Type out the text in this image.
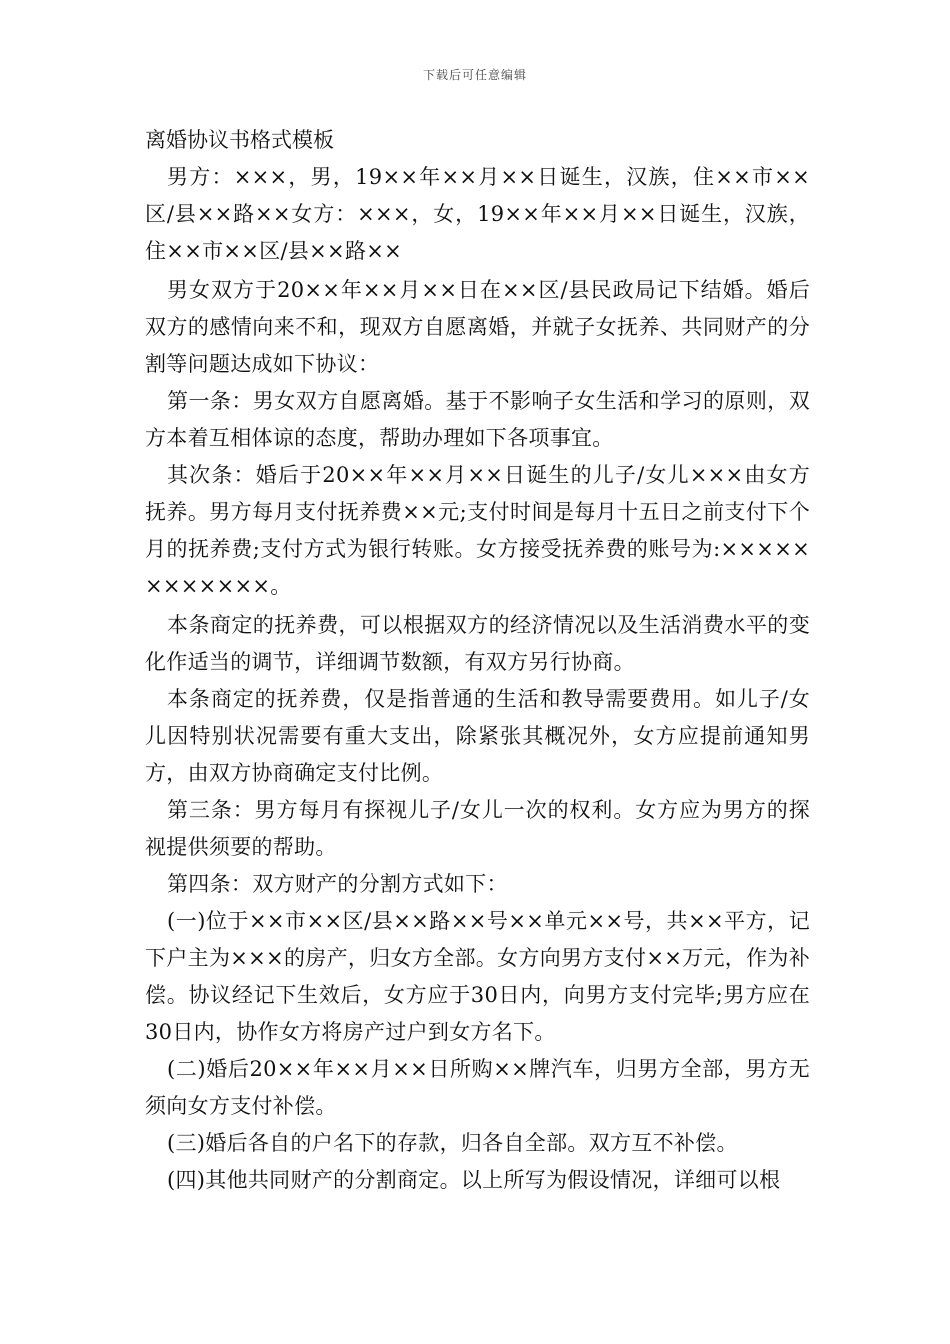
下载后可任意编辑
离婚协议书格式模板

男方：×××，男，19××年××月××日诞生，汉族，住××市××区/县××路××女方：×××，女，19××年××月××日诞生，汉族，住××市××区/县××路××

男女双方于20××年××月××日在××区/县民政局记下结婚。婚后双方的感情向来不和，现双方自愿离婚，并就子女抚养、共同财产的分割等问题达成如下协议：

第一条：男女双方自愿离婚。基于不影响子女生活和学习的原则，双方本着互相体谅的态度，帮助办理如下各项事宜。

其次条：婚后于20××年××月××日诞生的儿子/女儿×××由女方抚养。男方每月支付抚养费××元;支付时间是每月十五日之前支付下个月的抚养费;支付方式为银行转账。女方接受抚养费的账号为:××××××××××××。

本条商定的抚养费，可以根据双方的经济情况以及生活消费水平的变化作适当的调节，详细调节数额，有双方另行协商。

本条商定的抚养费，仅是指普通的生活和教导需要费用。如儿子/女儿因特别状况需要有重大支出，除紧张其概况外，女方应提前通知男方，由双方协商确定支付比例。

第三条：男方每月有探视儿子/女儿一次的权利。女方应为男方的探视提供须要的帮助。

第四条：双方财产的分割方式如下：

(一)位于××市××区/县××路××号××单元××号，共××平方，记下户主为×××的房产，归女方全部。女方向男方支付××万元，作为补偿。协议经记下生效后，女方应于30日内，向男方支付完毕;男方应在30日内，协作女方将房产过户到女方名下。

(二)婚后20××年××月××日所购××牌汽车，归男方全部，男方无须向女方支付补偿。

(三)婚后各自的户名下的存款，归各自全部。双方互不补偿。

(四)其他共同财产的分割商定。以上所写为假设情况，详细可以根
